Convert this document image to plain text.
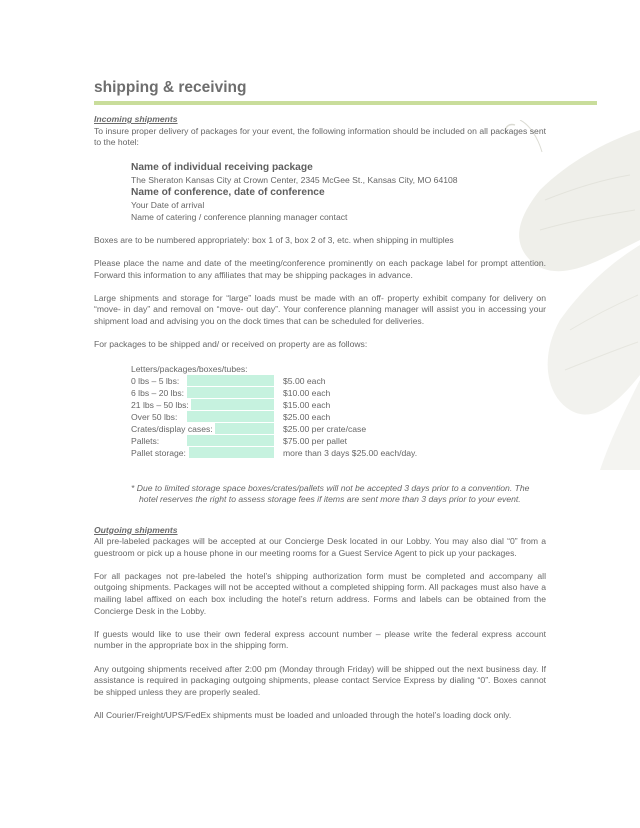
shipping & receiving
Incoming shipments
To insure proper delivery of packages for your event, the following information should be included on all packages sent to the hotel:
Name of individual receiving package
The Sheraton Kansas City at Crown Center, 2345 McGee St., Kansas City, MO 64108
Name of conference, date of conference
Your Date of arrival
Name of catering / conference planning manager contact
Boxes are to be numbered appropriately: box 1 of 3, box 2 of 3, etc. when shipping in multiples
Please place the name and date of the meeting/conference prominently on each package label for prompt attention. Forward this information to any affiliates that may be shipping packages in advance.
Large shipments and storage for “large” loads must be made with an off- property exhibit company for delivery on “move- in day” and removal on “move- out day”. Your conference planning manager will assist you in accessing your shipment load and advising you on the dock times that can be scheduled for deliveries.
For packages to be shipped and/ or received on property are as follows:
Letters/packages/boxes/tubes:
0 lbs – 5 lbs:	$5.00 each
6 lbs – 20 lbs:	$10.00 each
21 lbs – 50 lbs:	$15.00 each
Over 50 lbs:	$25.00 each
Crates/display cases:	$25.00 per crate/case
Pallets:	$75.00 per pallet
Pallet storage:	more than 3 days $25.00 each/day.
* Due to limited storage space boxes/crates/pallets will not be accepted 3 days prior to a convention. The
hotel reserves the right to assess storage fees if items are sent more than 3 days prior to your event.
Outgoing shipments
All pre-labeled packages will be accepted at our Concierge Desk located in our Lobby. You may also dial “0” from a guestroom or pick up a house phone in our meeting rooms for a Guest Service Agent to pick up your packages.
For all packages not pre-labeled the hotel’s shipping authorization form must be completed and accompany all outgoing shipments. Packages will not be accepted without a completed shipping form. All packages must also have a mailing label affixed on each box including the hotel’s return address. Forms and labels can be obtained from the Concierge Desk in the Lobby.
If guests would like to use their own federal express account number – please write the federal express account number in the appropriate box in the shipping form.
Any outgoing shipments received after 2:00 pm (Monday through Friday) will be shipped out the next business day. If assistance is required in packaging outgoing shipments, please contact Service Express by dialing “0”. Boxes cannot be shipped unless they are properly sealed.
All Courier/Freight/UPS/FedEx shipments must be loaded and unloaded through the hotel’s loading dock only.
